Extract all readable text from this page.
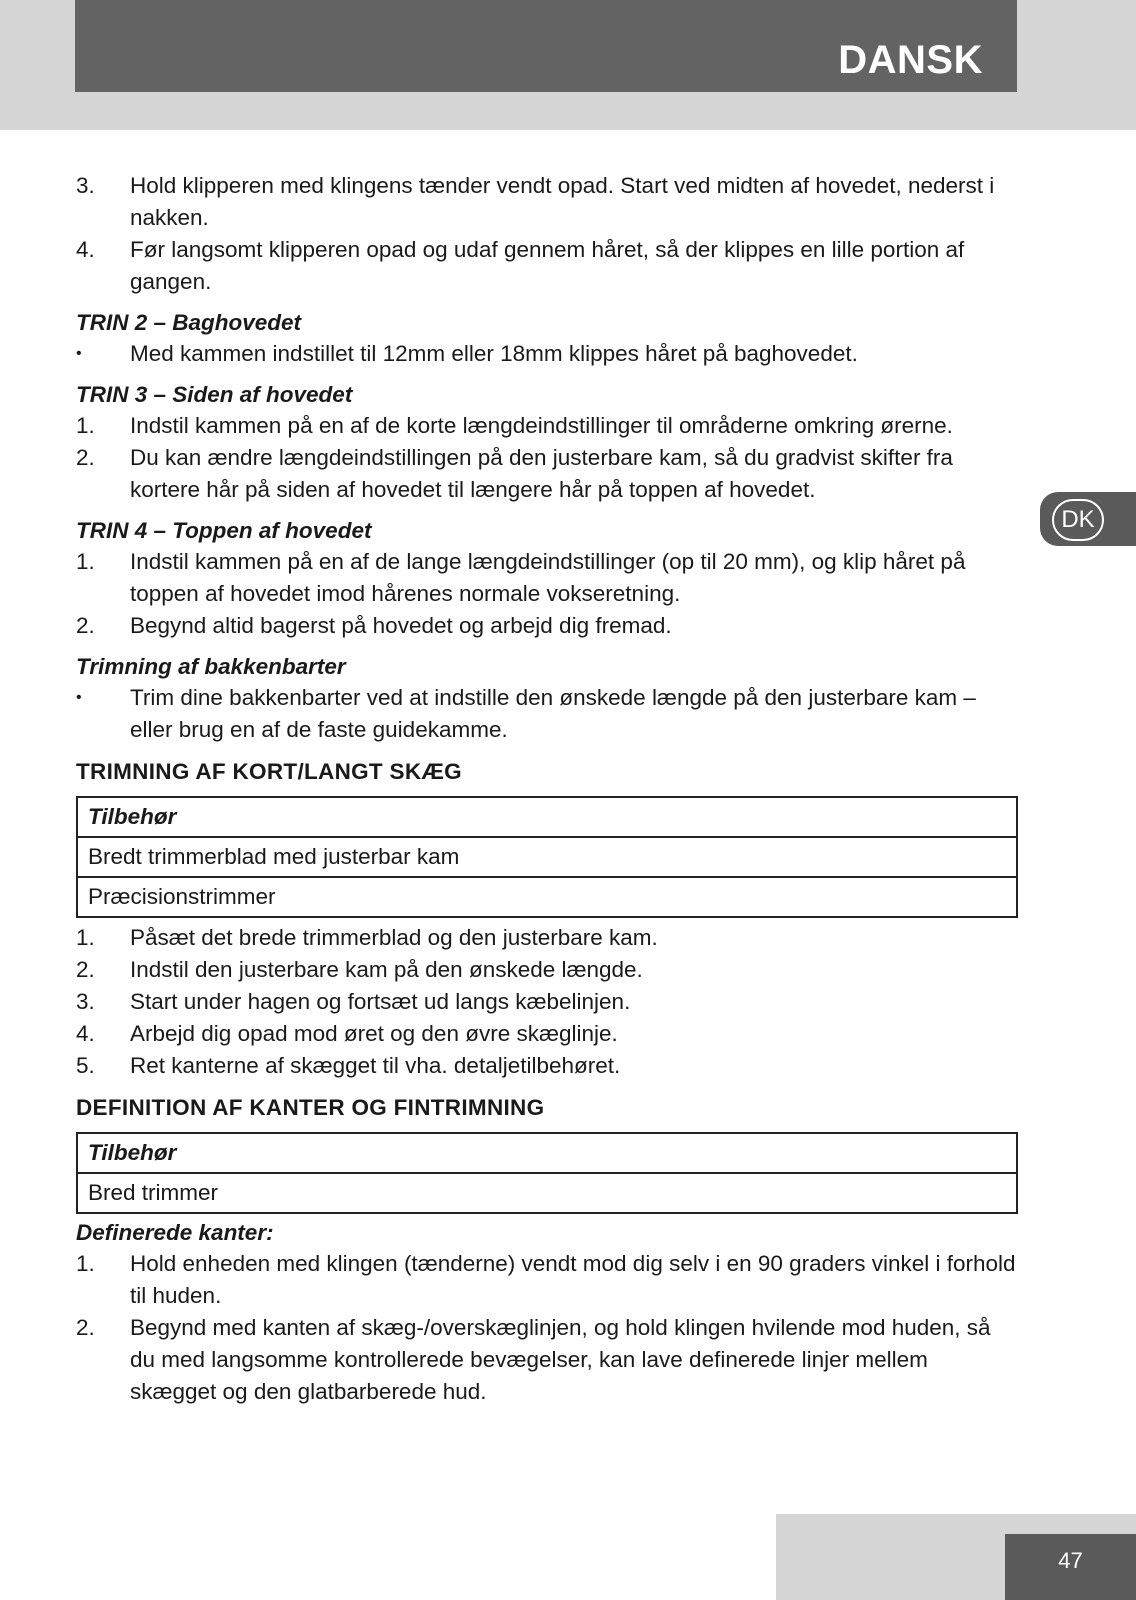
DANSK
DK
3. Hold klipperen med klingens tænder vendt opad. Start ved midten af hovedet, nederst i nakken.
4. Før langsomt klipperen opad og udaf gennem håret, så der klippes en lille portion af gangen.
TRIN 2 – Baghovedet
• Med kammen indstillet til 12mm eller 18mm klippes håret på baghovedet.
TRIN 3 – Siden af hovedet
1. Indstil kammen på en af de korte længdeindstillinger til områderne omkring ørerne.
2. Du kan ændre længdeindstillingen på den justerbare kam, så du gradvist skifter fra kortere hår på siden af hovedet til længere hår på toppen af hovedet.
TRIN 4 – Toppen af hovedet
1. Indstil kammen på en af de lange længdeindstillinger (op til 20 mm), og klip håret på toppen af hovedet imod hårenes normale vokseretning.
2. Begynd altid bagerst på hovedet og arbejd dig fremad.
Trimning af bakkenbarter
• Trim dine bakkenbarter ved at indstille den ønskede længde på den justerbare kam – eller brug en af de faste guidekamme.
TRIMNING AF KORT/LANGT SKÆG
Tilbehør
Bredt trimmerblad med justerbar kam
Præcisionstrimmer
1. Påsæt det brede trimmerblad og den justerbare kam.
2. Indstil den justerbare kam på den ønskede længde.
3. Start under hagen og fortsæt ud langs kæbelinjen.
4. Arbejd dig opad mod øret og den øvre skæglinje.
5. Ret kanterne af skægget til vha. detaljetilbehøret.
DEFINITION AF KANTER OG FINTRIMNING
Tilbehør
Bred trimmer
Definerede kanter:
1. Hold enheden med klingen (tænderne) vendt mod dig selv i en 90 graders vinkel i forhold til huden.
2. Begynd med kanten af skæg-/overskæglinjen, og hold klingen hvilende mod huden, så du med langsomme kontrollerede bevægelser, kan lave definerede linjer mellem skægget og den glatbarberede hud.
47
